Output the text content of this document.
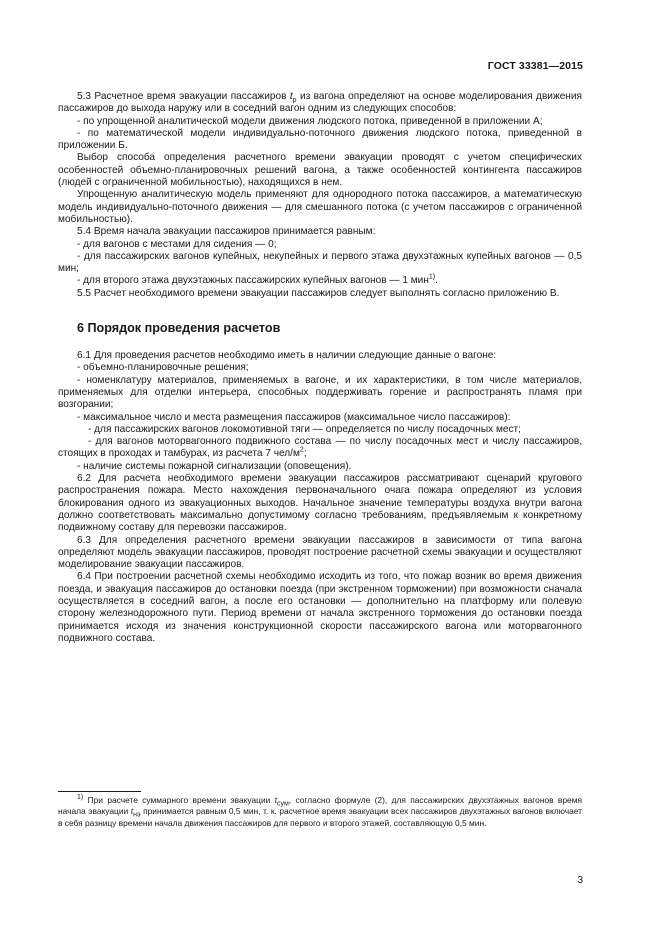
ГОСТ 33381—2015

5.3 Расчетное время эвакуации пассажиров $t_р$ из вагона определяют на основе моделирования движения пассажиров до выхода наружу или в соседний вагон одним из следующих способов:

- по упрощенной аналитической модели движения людского потока, приведенной в приложении А;

- по математической модели индивидуально-поточного движения людского потока, приведенной в приложении Б.

Выбор способа определения расчетного времени эвакуации проводят с учетом специфических особенностей объемно-планировочных решений вагона, а также особенностей контингента пассажиров (людей с ограниченной мобильностью), находящихся в нем.

Упрощенную аналитическую модель применяют для однородного потока пассажиров, а математическую модель индивидуально-поточного движения — для смешанного потока (с учетом пассажиров с ограниченной мобильностью).

5.4 Время начала эвакуации пассажиров принимается равным:

- для вагонов с местами для сидения — 0;

- для пассажирских вагонов купейных, некупейных и первого этажа двухэтажных купейных вагонов — 0,5 мин;

- для второго этажа двухэтажных пассажирских купейных вагонов — 1 мин$^{1)}$.

5.5 Расчет необходимого времени эвакуации пассажиров следует выполнять согласно приложению В.

6 Порядок проведения расчетов

6.1 Для проведения расчетов необходимо иметь в наличии следующие данные о вагоне:

- объемно-планировочные решения;

- номенклатуру материалов, применяемых в вагоне, и их характеристики, в том числе материалов, применяемых для отделки интерьера, способных поддерживать горение и распространять пламя при возгорании;

- максимальное число и места размещения пассажиров (максимальное число пассажиров):

- для пассажирских вагонов локомотивной тяги — определяется по числу посадочных мест;

- для вагонов моторвагонного подвижного состава — по числу посадочных мест и числу пассажиров, стоящих в проходах и тамбурах, из расчета 7 чел/$м^2$;

- наличие системы пожарной сигнализации (оповещения).

6.2 Для расчета необходимого времени эвакуации пассажиров рассматривают сценарий кругового распространения пожара. Место нахождения первоначального очага пожара определяют из условия блокирования одного из эвакуационных выходов. Начальное значение температуры воздуха внутри вагона должно соответствовать максимально допустимому согласно требованиям, предъявляемым к конкретному подвижному составу для перевозки пассажиров.

6.3 Для определения расчетного времени эвакуации пассажиров в зависимости от типа вагона определяют модель эвакуации пассажиров, проводят построение расчетной схемы эвакуации и осуществляют моделирование эвакуации пассажиров.

6.4 При построении расчетной схемы необходимо исходить из того, что пожар возник во время движения поезда, и эвакуация пассажиров до остановки поезда (при экстренном торможении) при возможности сначала осуществляется в соседний вагон, а после его остановки — дополнительно на платформу или полевую сторону железнодорожного пути. Период времени от начала экстренного торможения до остановки поезда принимается исходя из значения конструкционной скорости пассажирского вагона или моторвагонного подвижного состава.

$^{1)}$ При расчете суммарного времени эвакуации $t_{сум}$, согласно формуле (2), для пассажирских двухэтажных вагонов время начала эвакуации $t_{нэ}$ принимается равным 0,5 мин, т. к. расчетное время эвакуации всех пассажиров двухэтажных вагонов включает в себя разницу времени начала движения пассажиров для первого и второго этажей, составляющую 0,5 мин.

3
